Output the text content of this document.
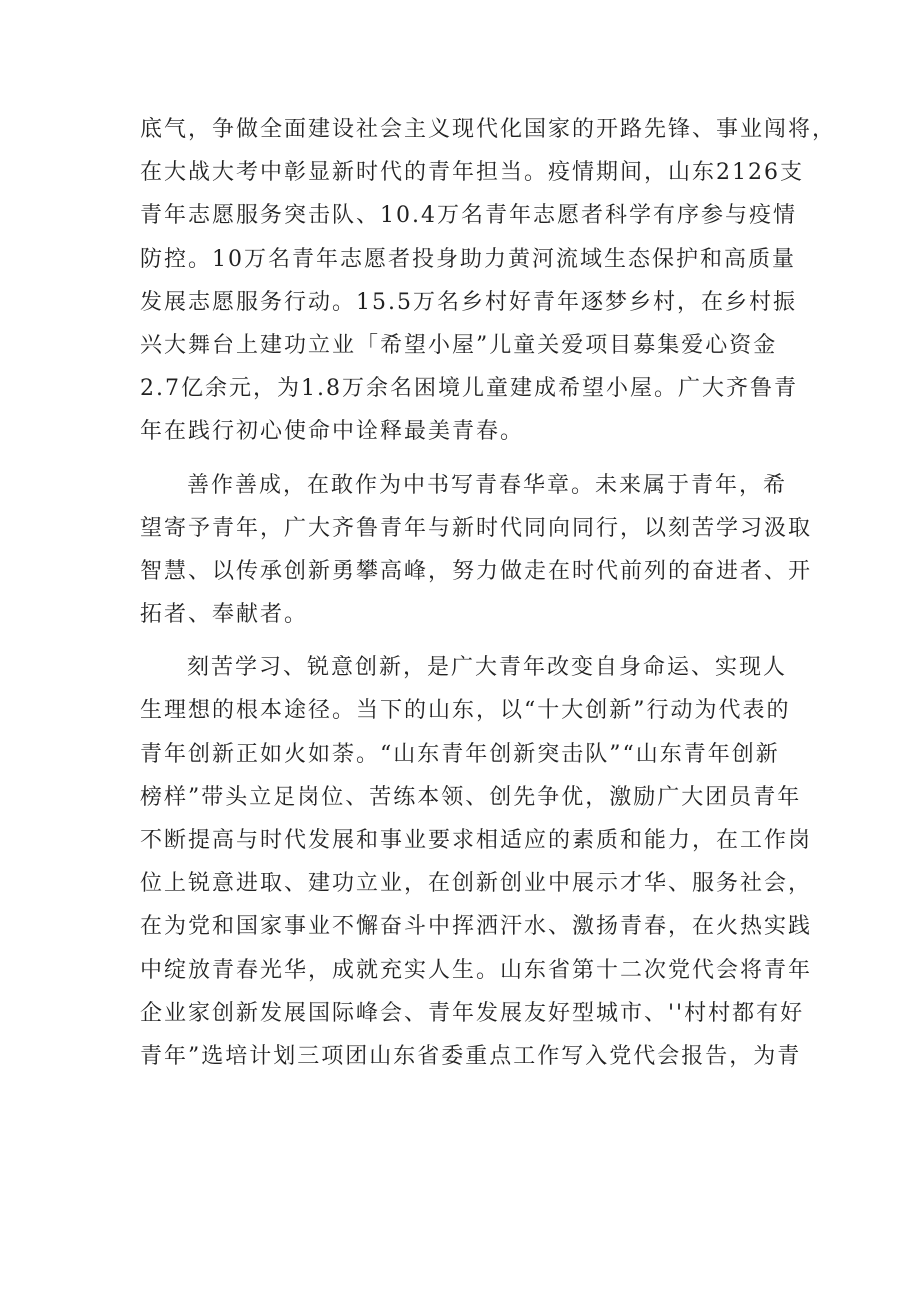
底气，争做全面建设社会主义现代化国家的开路先锋、事业闯将，
在大战大考中彰显新时代的青年担当。疫情期间，山东2126支
青年志愿服务突击队、10.4万名青年志愿者科学有序参与疫情
防控。10万名青年志愿者投身助力黄河流域生态保护和高质量
发展志愿服务行动。15.5万名乡村好青年逐梦乡村，在乡村振
兴大舞台上建功立业「希望小屋”儿童关爱项目募集爱心资金
2.7亿余元，为1.8万余名困境儿童建成希望小屋。广大齐鲁青
年在践行初心使命中诠释最美青春。
善作善成，在敢作为中书写青春华章。未来属于青年，希
望寄予青年，广大齐鲁青年与新时代同向同行，以刻苦学习汲取
智慧、以传承创新勇攀高峰，努力做走在时代前列的奋进者、开
拓者、奉献者。
刻苦学习、锐意创新，是广大青年改变自身命运、实现人
生理想的根本途径。当下的山东，以“十大创新”行动为代表的
青年创新正如火如荼。“山东青年创新突击队”“山东青年创新
榜样”带头立足岗位、苦练本领、创先争优，激励广大团员青年
不断提高与时代发展和事业要求相适应的素质和能力，在工作岗
位上锐意进取、建功立业，在创新创业中展示才华、服务社会，
在为党和国家事业不懈奋斗中挥洒汗水、激扬青春，在火热实践
中绽放青春光华，成就充实人生。山东省第十二次党代会将青年
企业家创新发展国际峰会、青年发展友好型城市、''村村都有好
青年”选培计划三项团山东省委重点工作写入党代会报告，为青
